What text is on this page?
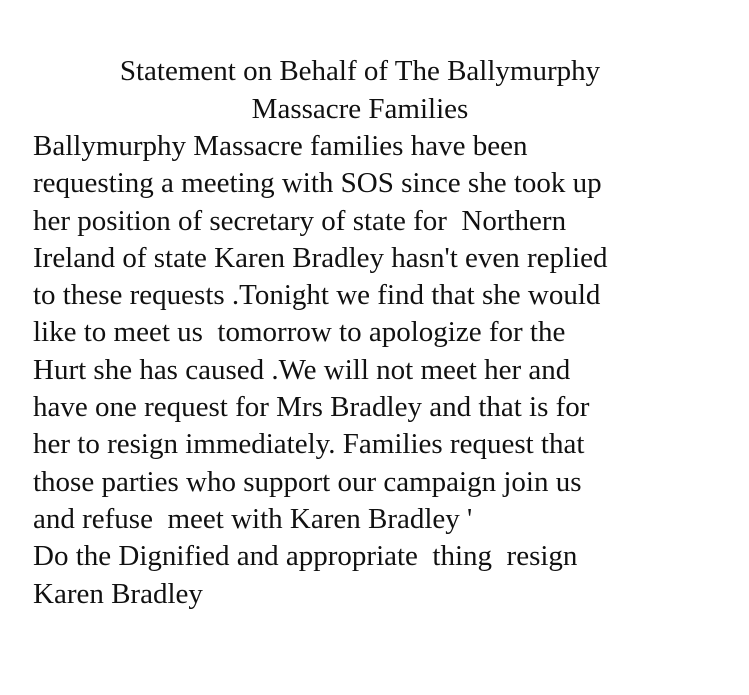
Statement on Behalf of The Ballymurphy
Massacre Families
Ballymurphy Massacre families have been
requesting a meeting with SOS since she took up
her position of secretary of state for  Northern
Ireland of state Karen Bradley hasn't even replied
to these requests .Tonight we find that she would
like to meet us  tomorrow to apologize for the
Hurt she has caused .We will not meet her and
have one request for Mrs Bradley and that is for
her to resign immediately. Families request that
those parties who support our campaign join us
and refuse  meet with Karen Bradley '
Do the Dignified and appropriate  thing  resign
Karen Bradley
